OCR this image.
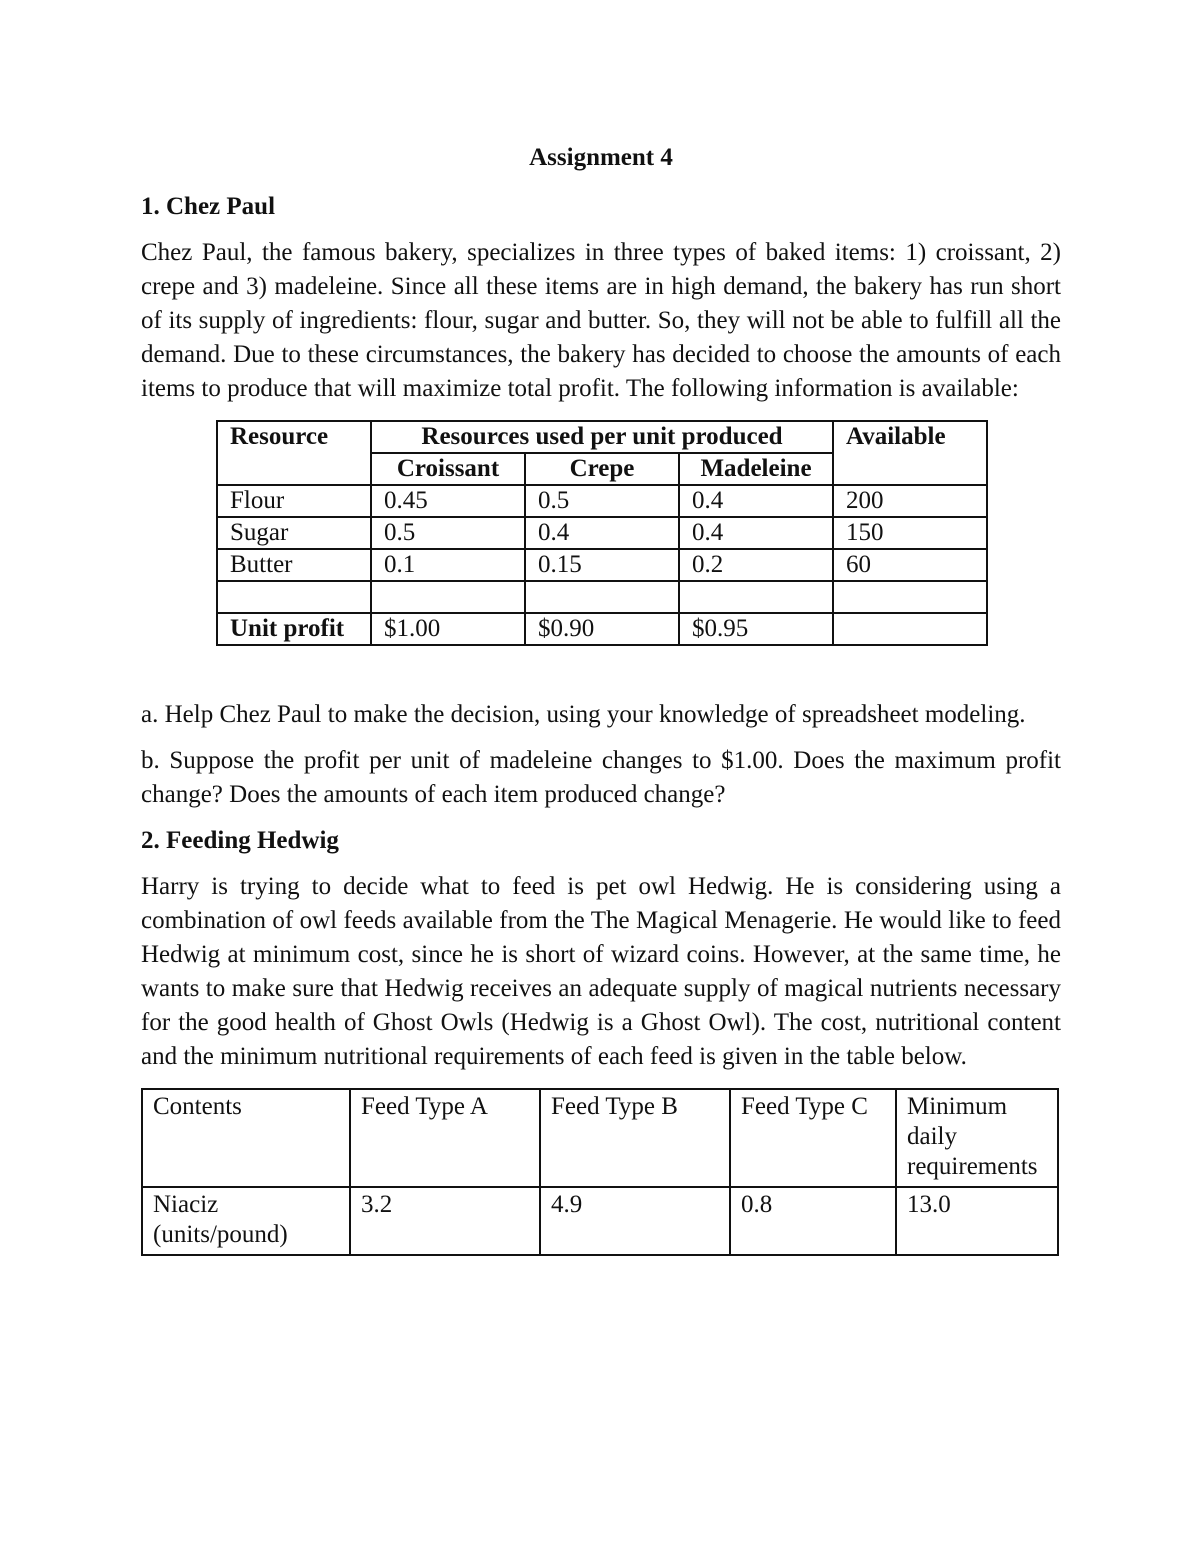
Assignment 4
1. Chez Paul

Chez Paul, the famous bakery, specializes in three types of baked items: 1) croissant, 2) crepe and 3) madeleine. Since all these items are in high demand, the bakery has run short of its supply of ingredients: flour, sugar and butter. So, they will not be able to fulfill all the demand. Due to these circumstances, the bakery has decided to choose the amounts of each items to produce that will maximize total profit. The following information is available:

Resource	Resources used per unit produced			Available
	Croissant	Crepe	Madeleine	
Flour	0.45	0.5	0.4	200
Sugar	0.5	0.4	0.4	150
Butter	0.1	0.15	0.2	60

Unit profit	$1.00	$0.90	$0.95	

a. Help Chez Paul to make the decision, using your knowledge of spreadsheet modeling.

b. Suppose the profit per unit of madeleine changes to $1.00. Does the maximum profit change? Does the amounts of each item produced change?

2. Feeding Hedwig

Harry is trying to decide what to feed is pet owl Hedwig. He is considering using a combination of owl feeds available from the The Magical Menagerie. He would like to feed Hedwig at minimum cost, since he is short of wizard coins. However, at the same time, he wants to make sure that Hedwig receives an adequate supply of magical nutrients necessary for the good health of Ghost Owls (Hedwig is a Ghost Owl). The cost, nutritional content and the minimum nutritional requirements of each feed is given in the table below.

Contents	Feed Type A	Feed Type B	Feed Type C	Minimum daily requirements
Niaciz (units/pound)	3.2	4.9	0.8	13.0
